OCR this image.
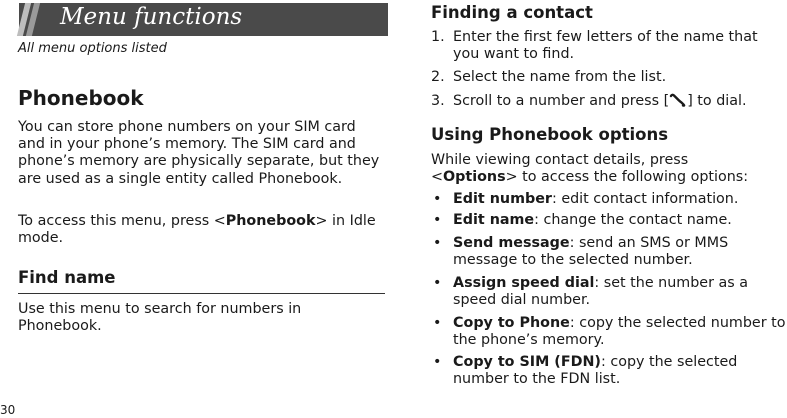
Menu functions
All menu options listed
Phonebook
You can store phone numbers on your SIM card and in your phone’s memory. The SIM card and phone’s memory are physically separate, but they are used as a single entity called Phonebook.
To access this menu, press <Phonebook> in Idle mode.
Find name
Use this menu to search for numbers in Phonebook.
30
Finding a contact
1. Enter the first few letters of the name that you want to find.
2. Select the name from the list.
3. Scroll to a number and press [ ] to dial.
Using Phonebook options
While viewing contact details, press
<Options> to access the following options:
• Edit number: edit contact information.
• Edit name: change the contact name.
• Send message: send an SMS or MMS message to the selected number.
• Assign speed dial: set the number as a speed dial number.
• Copy to Phone: copy the selected number to the phone’s memory.
• Copy to SIM (FDN): copy the selected number to the FDN list.
